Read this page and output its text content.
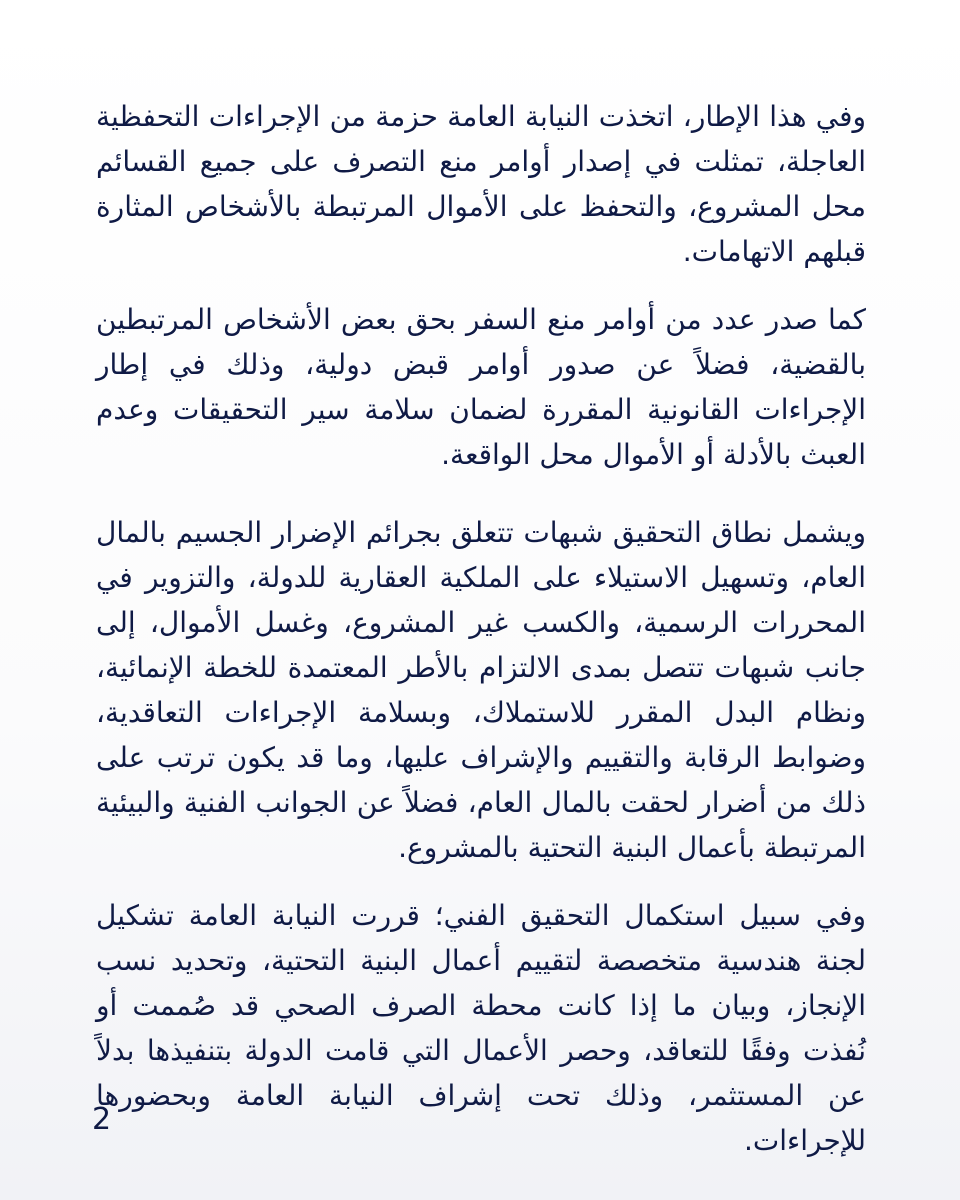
وفي هذا الإطار، اتخذت النيابة العامة حزمة من الإجراءات التحفظية العاجلة، تمثلت في إصدار أوامر منع التصرف على جميع القسائم محل المشروع، والتحفظ على الأموال المرتبطة بالأشخاص المثارة قبلهم الاتهامات.

كما صدر عدد من أوامر منع السفر بحق بعض الأشخاص المرتبطين بالقضية، فضلاً عن صدور أوامر قبض دولية، وذلك في إطار الإجراءات القانونية المقررة لضمان سلامة سير التحقيقات وعدم العبث بالأدلة أو الأموال محل الواقعة.

ويشمل نطاق التحقيق شبهات تتعلق بجرائم الإضرار الجسيم بالمال العام، وتسهيل الاستيلاء على الملكية العقارية للدولة، والتزوير في المحررات الرسمية، والكسب غير المشروع، وغسل الأموال، إلى جانب شبهات تتصل بمدى الالتزام بالأطر المعتمدة للخطة الإنمائية، ونظام البدل المقرر للاستملاك، وبسلامة الإجراءات التعاقدية، وضوابط الرقابة والتقييم والإشراف عليها، وما قد يكون ترتب على ذلك من أضرار لحقت بالمال العام، فضلاً عن الجوانب الفنية والبيئية المرتبطة بأعمال البنية التحتية بالمشروع.

وفي سبيل استكمال التحقيق الفني؛ قررت النيابة العامة تشكيل لجنة هندسية متخصصة لتقييم أعمال البنية التحتية، وتحديد نسب الإنجاز، وبيان ما إذا كانت محطة الصرف الصحي قد صُممت أو نُفذت وفقًا للتعاقد، وحصر الأعمال التي قامت الدولة بتنفيذها بدلاً عن المستثمر، وذلك تحت إشراف النيابة العامة وبحضورها للإجراءات.

2
